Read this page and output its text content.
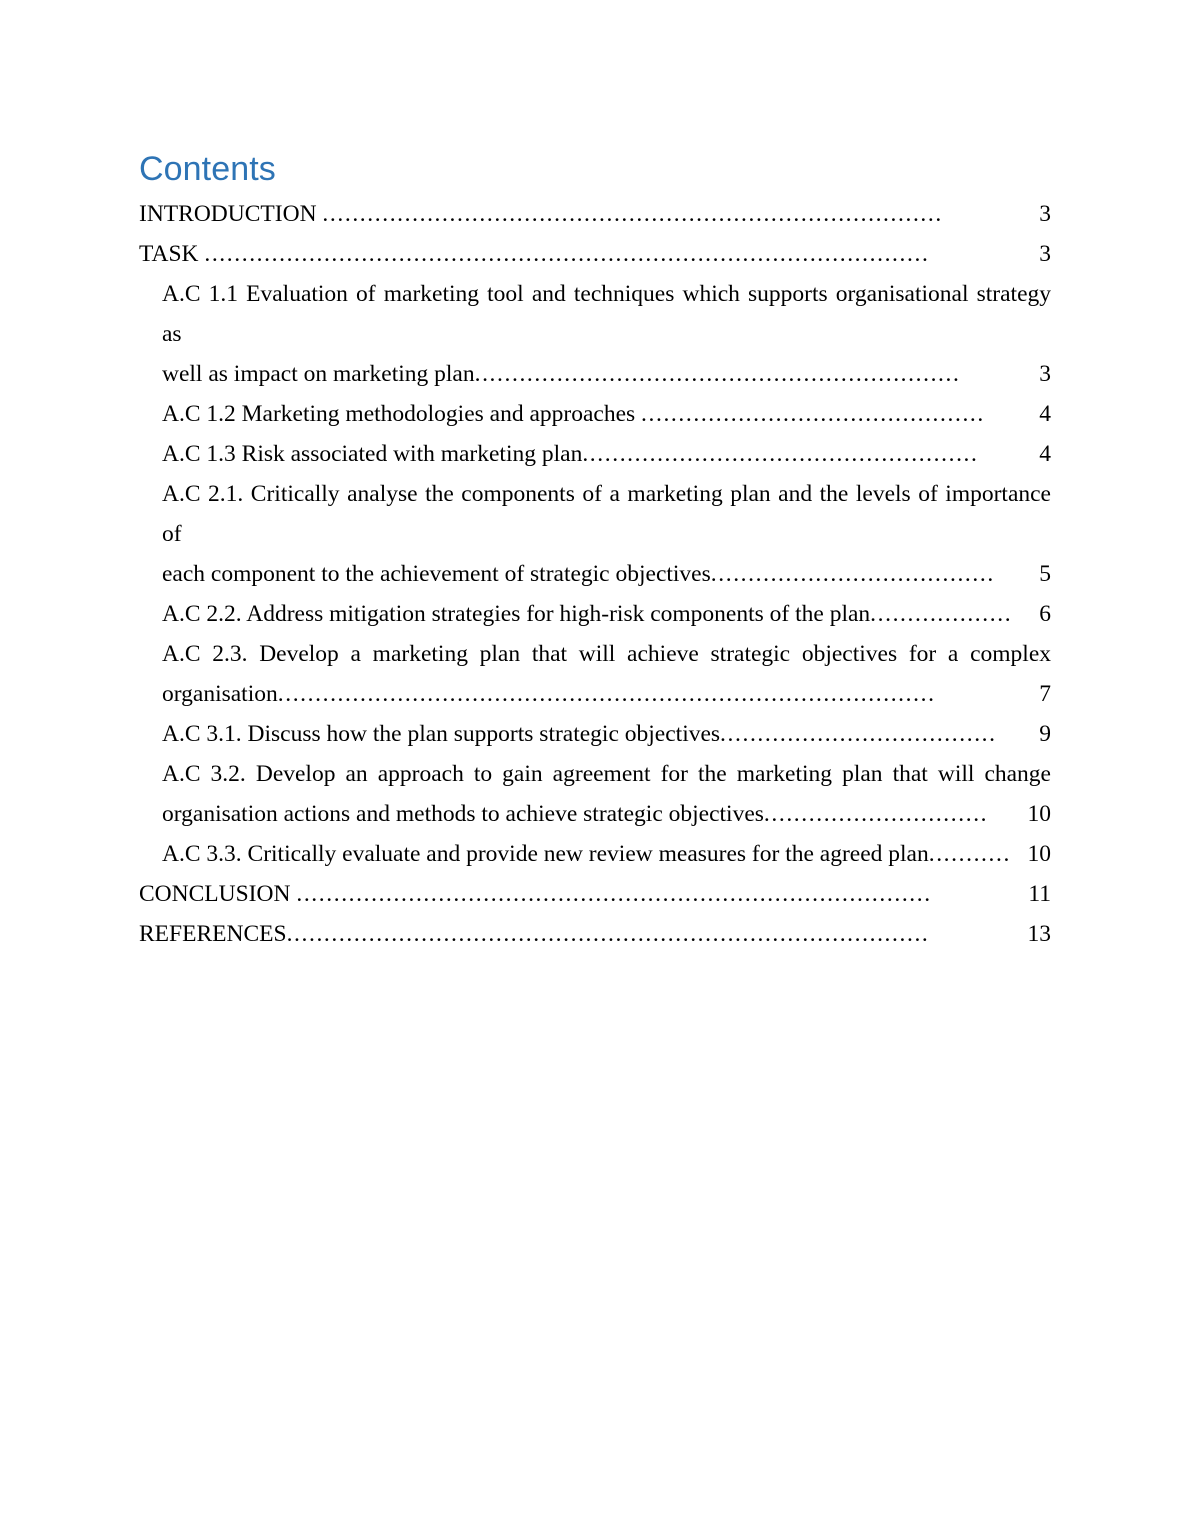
Contents
INTRODUCTION ...................................................................................	3
TASK .................................................................................................	3
A.C 1.1 Evaluation of marketing tool and techniques which supports organisational strategy as
well as impact on marketing plan .................................................................	3
A.C 1.2 Marketing methodologies and approaches ..............................................	4
A.C 1.3 Risk associated with marketing plan .....................................................	4
A.C 2.1. Critically analyse the components of a marketing plan and the levels of importance of
each component to the achievement of strategic objectives ......................................	5
A.C 2.2. Address mitigation strategies for high-risk components of the plan ...................	6
A.C 2.3. Develop a marketing plan that will achieve strategic objectives for a complex
organisation ........................................................................................	7
A.C 3.1. Discuss how the plan supports strategic objectives .....................................	9
A.C 3.2. Develop an approach to gain agreement for the marketing plan that will change
organisation actions and methods to achieve strategic objectives ..............................	10
A.C 3.3. Critically evaluate and provide new review measures for the agreed plan ........... 10
CONCLUSION .....................................................................................	11
REFERENCES ......................................................................................	13
